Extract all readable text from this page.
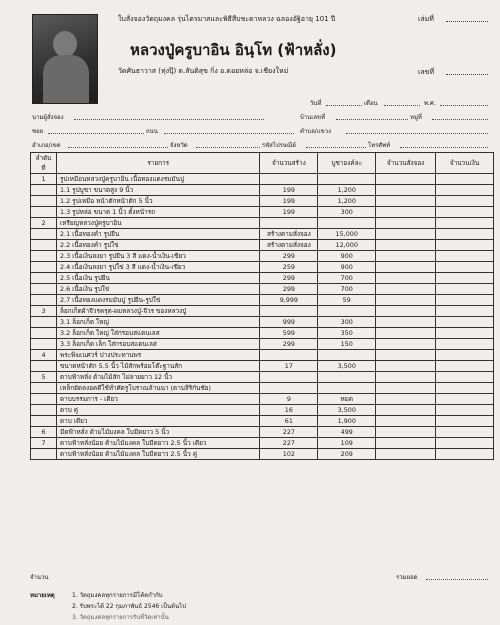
ใบสั่งจองวัตถุมงคล รุ่นไตรมาสและพิธีสืบชะตาหลวง ฉลองอัฐิอายุ 101 ปี	เล่มที่
หลวงปู่ครูบาอิน อินฺโท (ฟ้าหลั่ง)
วัดศันธาวาส (ทุ่งปุ๊) ต.สันติสุข กิ่ง อ.ดอยหล่อ จ.เชียงใหม่	เลขที่
วันที่	เดือน	พ.ศ.
นามผู้สั่งจอง	บ้านเลขที่	หมู่ที่
ซอย	ถนน	ตำบล/แขวง
อำเภอ/เขต	จังหวัด	รหัสไปรษณีย์	โทรศัพท์
ลำดับที่	รายการ	จำนวนสร้าง	บูชาองค์ละ	จำนวนสั่งจอง	จำนวนเงิน
1	รูปเหมือนหลวงปู่ครูบาอิน เนื้อทองแดงรมมันปู				
	1.1 รูปบูชา ขนาดสูง 9 นิ้ว	199	1,200		
	1.2 รูปเหมือ หน้าตักหน้าตัก 5 นิ้ว	199	1,200		
	1.3 รูปหล่อ ขนาด 1 นิ้ว ตั้งหน้ารถ	199	300		
2	เหรียญหลวงปู่ครูบาอิน				
	2.1 เนื้อทองคำ รูปยืน	สร้างตามสั่งจอง	15,000		
	2.2 เนื้อทองคำ รูปใข่	สร้างตามสั่งจอง	12,000		
	2.3 เนื้อเงินลงยา รูปยืน 3 สี แดง-น้ำเงิน-เขียว	299	900		
	2.4 เนื้อเงินลงยา รูปใข่ 3 สี แดง-น้ำเงิน-เขียว	259	900		
	2.5 เนื้อเงิน รูปยืน	299	700		
	2.6 เนื้อเงิน รูปใข่	299	700		
	2.7 เนื้อทองแดงรมมันปู รูปยืน-รูปใข่	9,999	59		
3	ล็อกเก็ตผ้าจีวรครุต-ผมหลวงปู่-จีวร ของหลวงปู่				
	3.1 ล็อกเก็ต ใหญ่	999	300		
	3.2 ล็อกเก็ต ใหญ่ ใส่กรอบสแตนเลส	599	350		
	3.3 ล็อกเก็ต เล็ก ใส่กรอบสแตนเลส	299	150		
4	พระพิฆเนศวร์ ปางประทานพร				
	ขนาดหน้าตัก 5.5 นิ้ว ไม้สักพร้อมโต๊ะฐานสัก	17	3,500		
5	ดาบฟ้าหลั่ง ด้ามไม้สัก ไม่ลายยาว 12 นิ้ว				
	เหล็กยัดลงอคดีใช้ทำศัตรูโบราณล้านนา (ตาบสิริกันชัย)				
	ดาบบรรมการ - เดียว	9	หมด		
	ดาบ คู่	16	3,500		
	ดาบ เดียว	61	1,900		
6	มีดฟ้าหลั่ง ด้ามไม้มงคล ใบมีดยาว 5 นิ้ว	227	499		
7	ดาบฟ้าหลั่งน้อย ด้ามไม้มงคล ใบมีดยาว 2.5 นิ้ว เดียว	227	109		
	ดาบฟ้าหลั่งน้อย ด้ามไม้มงคล ใบมีดยาว 2.5 นิ้ว คู่	102	209		
จำนวน	รวมยอด
หมายเหตุ	1. วัตถุมงคลทุกรายการมีโค้ดกำกับ
2. รับพระได้ 22 กุมภาพันธ์ 2546 เป็นต้นไป
3. วัตถุมงคลทุกรายการรับที่วัดเท่านั้น
